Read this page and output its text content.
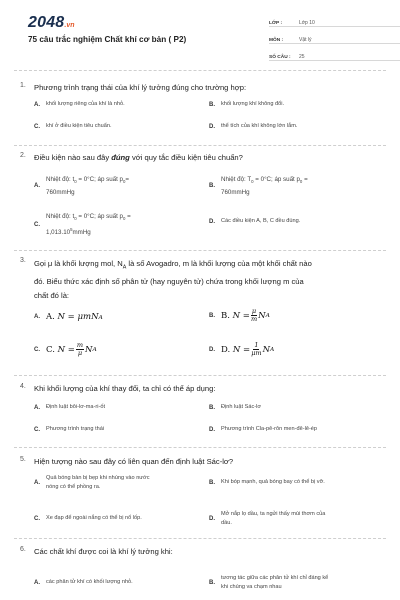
2048.vn
75 câu trắc nghiệm Chất khí cơ bản ( P2)
LỚP :	Lớp 10
MÔN :	Vật lý
SỐ CÂU :	25
1.	Phương trình trạng thái của khí lý tưởng đúng cho trường hợp:
A.	khối lượng riêng của khí là nhỏ.	B.	khối lượng khí không đổi.
C.	khí ở điều kiện tiêu chuẩn.	D.	thể tích của khí không lớn lắm.
2.	Điều kiện nào sau đây đúng với quy tắc điều kiện tiêu chuẩn?
A.
Nhiệt độ: $t_0 = 0^\circ C$; áp suất $p_0=$
760mmHg
B.
Nhiệt độ: $T_0 = 0^\circ C$; áp suất $p_0$ =
760mmHg
C.
Nhiệt độ: $t_0 = 0^\circ C$; áp suất $p_0$ =
$1,013.10^5mmHg$
D.	Các điều kiện A, B, C đều đúng.
3.	Gọi μ là khối lượng mol, $N_A$ là số Avogadro, m là khối lượng của một khối chất nào
đó. Biểu thức xác định số phân tử (hay nguyên tử) chứa trong khối lượng m của
chất đó là:
A. A.
N = μmN A	B. B.
$N = \frac{\mu}{m}$ N A
C. C.
$N = \frac{m}{\mu}$ N A	D. D.
$N = \frac{1}{\mu m}$ N A
4.	Khi khối lượng của khí thay đổi, ta chỉ có thể áp dụng:
A.	Định luật bôi-lơ-ma-ri-ốt	B.	Định luật Sác-lơ
C.	Phương trình trạng thái	D.	Phương trình Cla-pê-rôn men-đê-lê-ép
5.	Hiện tượng nào sau đây có liên quan đến định luật Sác-lơ?
A.
Quả bóng bàn bị bẹp khi nhúng vào nước
nóng có thể phồng ra.
B.	Khi bóp mạnh, quả bóng bay có thể bị vỡ.
C.	Xe đạp để ngoài nắng có thể bị nổ lốp.	D.
Mở nắp lọ dầu, ta ngửi thấy mùi thơm của
dầu.
6.	Các chất khí được coi là khí lý tưởng khi:
A.	các phân tử khí có khối lượng nhỏ.	B.
tương tác giữa các phân tử khí chỉ đáng kể
khi chúng va chạm nhau
